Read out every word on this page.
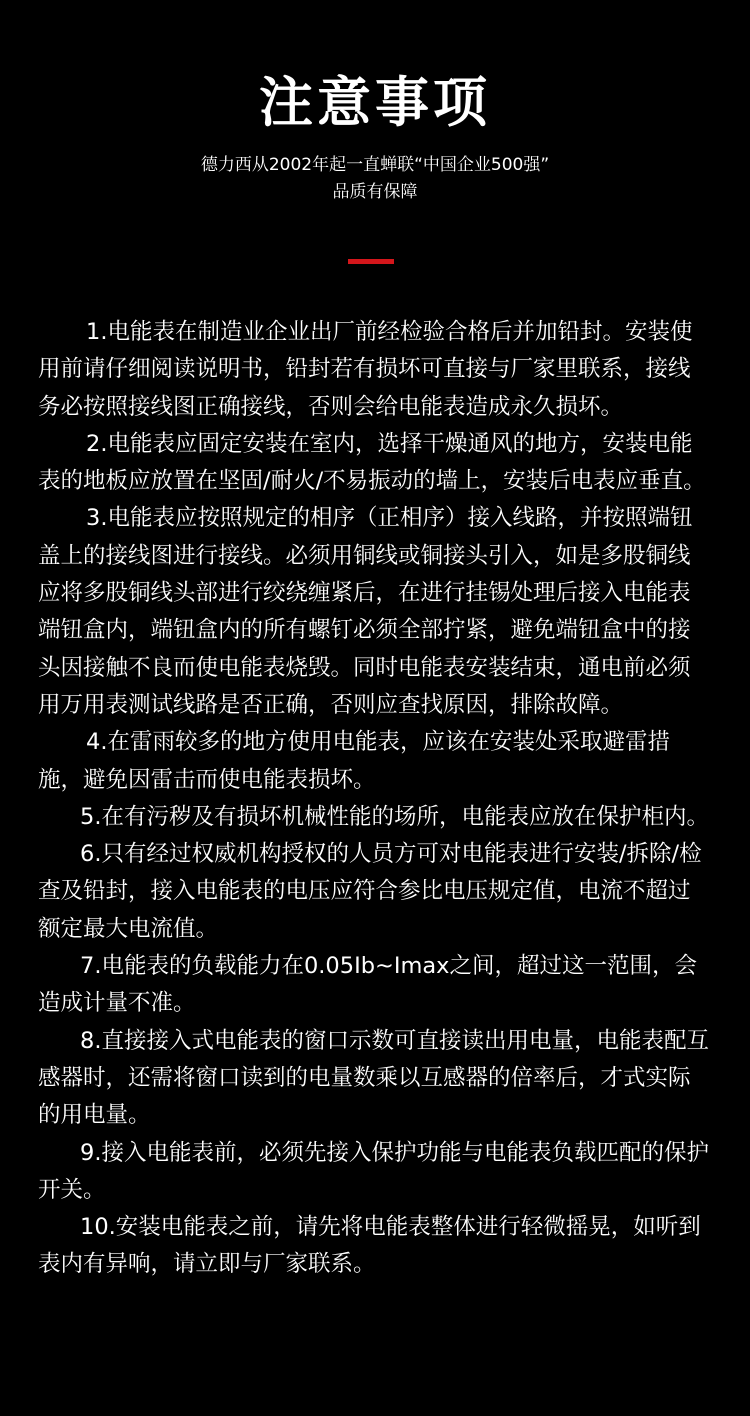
注意事项
德力西从2002年起一直蝉联“中国企业500强”
品质有保障

1.电能表在制造业企业出厂前经检验合格后并加铅封。安装使用前请仔细阅读说明书，铅封若有损坏可直接与厂家里联系，接线务必按照接线图正确接线，否则会给电能表造成永久损坏。

2.电能表应固定安装在室内，选择干燥通风的地方，安装电能表的地板应放置在坚固/耐火/不易振动的墙上，安装后电表应垂直。

3.电能表应按照规定的相序（正相序）接入线路，并按照端钮盖上的接线图进行接线。必须用铜线或铜接头引入，如是多股铜线应将多股铜线头部进行绞绕缠紧后，在进行挂锡处理后接入电能表端钮盒内，端钮盒内的所有螺钉必须全部拧紧，避免端钮盒中的接头因接触不良而使电能表烧毁。同时电能表安装结束，通电前必须用万用表测试线路是否正确，否则应查找原因，排除故障。

4.在雷雨较多的地方使用电能表，应该在安装处采取避雷措施，避免因雷击而使电能表损坏。

5.在有污秽及有损坏机械性能的场所，电能表应放在保护柜内。

6.只有经过权威机构授权的人员方可对电能表进行安装/拆除/检查及铅封，接入电能表的电压应符合参比电压规定值，电流不超过额定最大电流值。

7.电能表的负载能力在0.05Ib~Imax之间，超过这一范围，会造成计量不准。

8.直接接入式电能表的窗口示数可直接读出用电量，电能表配互感器时，还需将窗口读到的电量数乘以互感器的倍率后，才式实际的用电量。

9.接入电能表前，必须先接入保护功能与电能表负载匹配的保护开关。

10.安装电能表之前，请先将电能表整体进行轻微摇晃，如听到表内有异响，请立即与厂家联系。
